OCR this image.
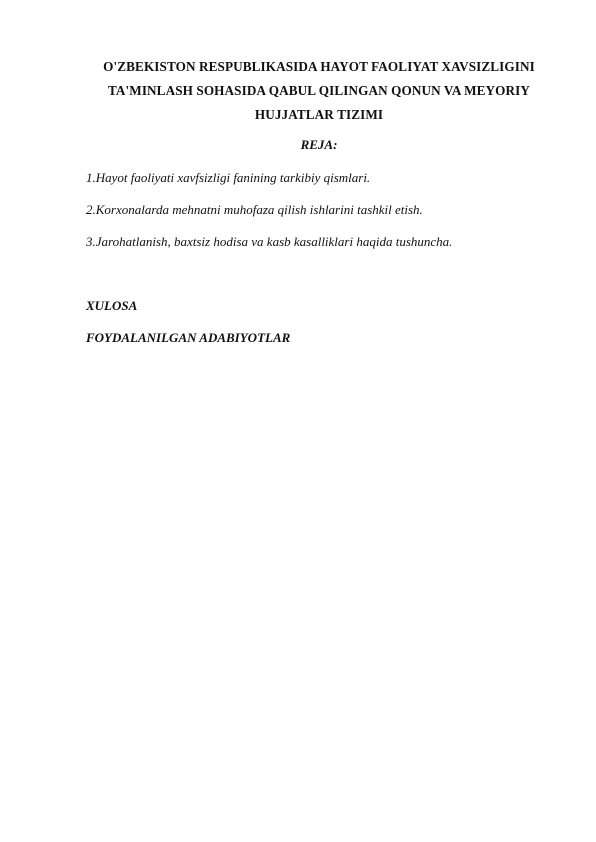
O'ZBEKISTON RESPUBLIKASIDA HAYOT FAOLIYAT XAVSIZLIGINI
TA'MINLASH SOHASIDA QABUL QILINGAN QONUN VA MEYORIY
HUJJATLAR TIZIMI
REJA:
1.Hayot faoliyati xavfsizligi fanining tarkibiy qismlari.
2.Korxonalarda mehnatni muhofaza qilish ishlarini tashkil etish.
3.Jarohatlanish, baxtsiz hodisa va kasb kasalliklari haqida tushuncha.
XULOSA
FOYDALANILGAN ADABIYOTLAR
